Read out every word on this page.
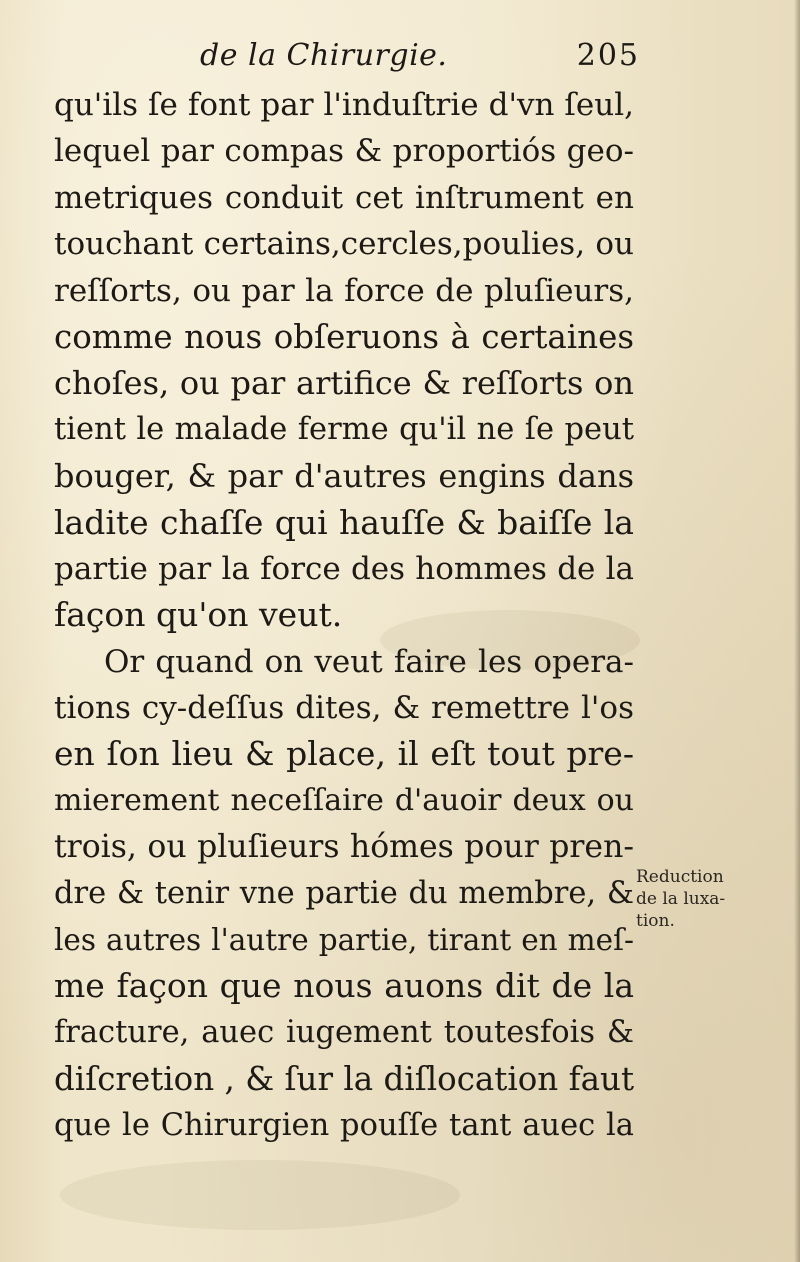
de la Chirurgie.	205
qu'ils ſe font par l'induſtrie d'vn ſeul,
lequel par compas & proportiós geo-
metriques conduit cet inſtrument en
touchant certains,cercles,poulies, ou
reſſorts, ou par la force de pluſieurs,
comme nous obſeruons à certaines
choſes, ou par artifice & reſſorts on
tient le malade ferme qu'il ne ſe peut
bouger, & par d'autres engins dans
ladite chaſſe qui hauſſe & baiſſe la
partie par la force des hommes de la
façon qu'on veut.
Or quand on veut faire les opera-
tions cy-deſſus dites, & remettre l'os
en ſon lieu & place, il eſt tout pre-
mierement neceſſaire d'auoir deux ou
trois, ou pluſieurs hómes pour pren-
dre & tenir vne partie du membre, &
les autres l'autre partie, tirant en meſ-
me façon que nous auons dit de la
fracture, auec iugement toutesfois &
diſcretion , & ſur la diſlocation faut
que le Chirurgien pouſſe tant auec la
Reduction
de la luxa-
tion.
